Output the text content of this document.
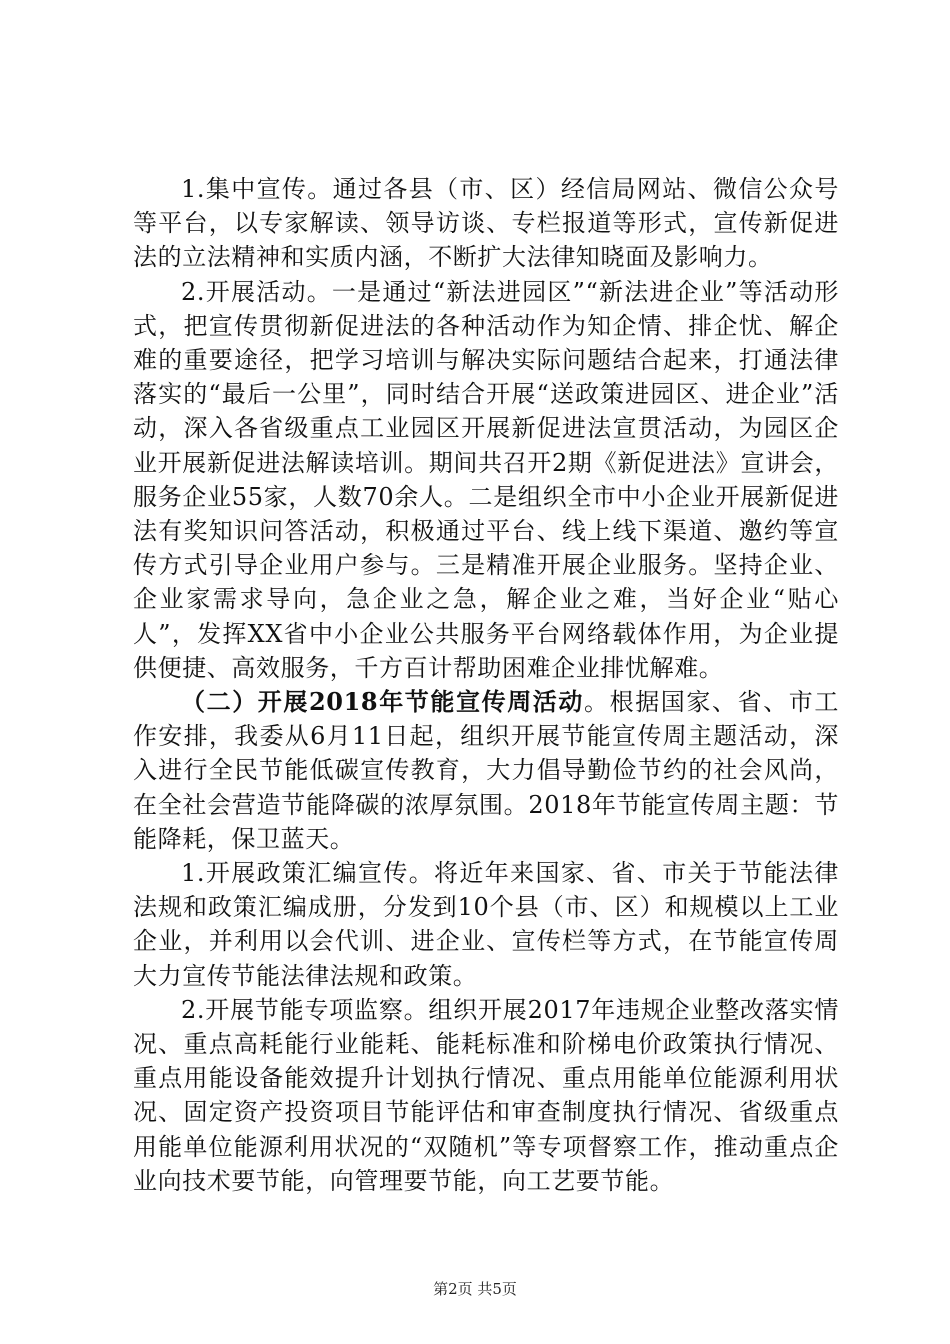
1.集中宣传。通过各县（市、区）经信局网站、微信公众号等平台，以专家解读、领导访谈、专栏报道等形式，宣传新促进法的立法精神和实质内涵，不断扩大法律知晓面及影响力。

2.开展活动。一是通过“新法进园区”“新法进企业”等活动形式，把宣传贯彻新促进法的各种活动作为知企情、排企忧、解企难的重要途径，把学习培训与解决实际问题结合起来，打通法律落实的“最后一公里”，同时结合开展“送政策进园区、进企业”活动，深入各省级重点工业园区开展新促进法宣贯活动，为园区企业开展新促进法解读培训。期间共召开2期《新促进法》宣讲会，服务企业55家，人数70余人。二是组织全市中小企业开展新促进法有奖知识问答活动，积极通过平台、线上线下渠道、邀约等宣传方式引导企业用户参与。三是精准开展企业服务。坚持企业、企业家需求导向，急企业之急，解企业之难，当好企业“贴心人”，发挥XX省中小企业公共服务平台网络载体作用，为企业提供便捷、高效服务，千方百计帮助困难企业排忧解难。

（二）开展2018年节能宣传周活动。根据国家、省、市工作安排，我委从6月11日起，组织开展节能宣传周主题活动，深入进行全民节能低碳宣传教育，大力倡导勤俭节约的社会风尚，在全社会营造节能降碳的浓厚氛围。2018年节能宣传周主题：节能降耗，保卫蓝天。

1.开展政策汇编宣传。将近年来国家、省、市关于节能法律法规和政策汇编成册，分发到10个县（市、区）和规模以上工业企业，并利用以会代训、进企业、宣传栏等方式，在节能宣传周大力宣传节能法律法规和政策。

2.开展节能专项监察。组织开展2017年违规企业整改落实情况、重点高耗能行业能耗、能耗标准和阶梯电价政策执行情况、重点用能设备能效提升计划执行情况、重点用能单位能源利用状况、固定资产投资项目节能评估和审查制度执行情况、省级重点用能单位能源利用状况的“双随机”等专项督察工作，推动重点企业向技术要节能，向管理要节能，向工艺要节能。

第2页 共5页
